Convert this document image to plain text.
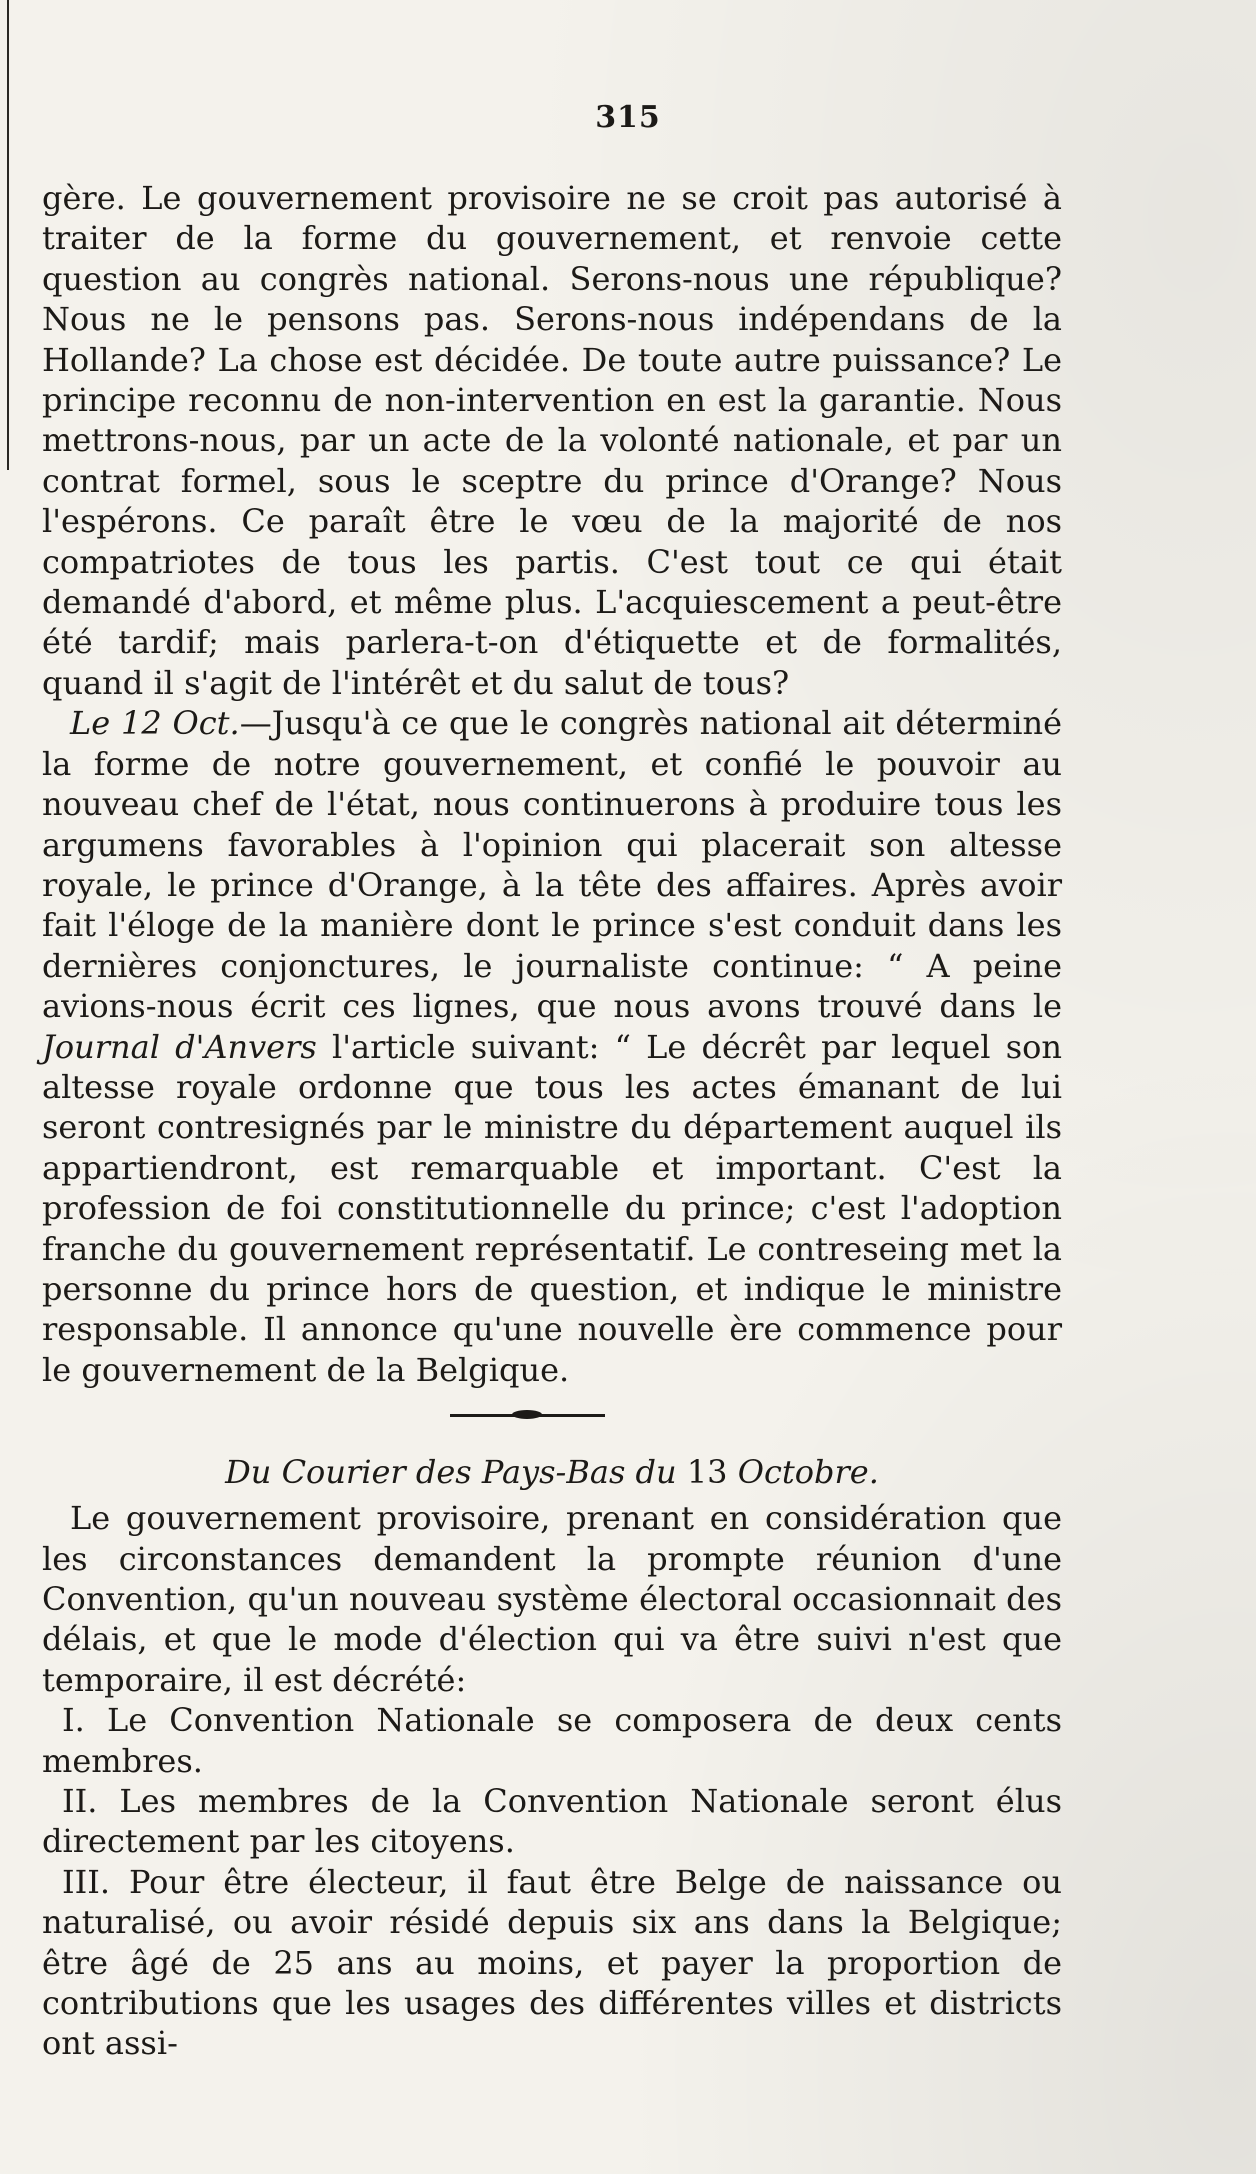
315

gère. Le gouvernement provisoire ne se croit pas autorisé à traiter de la forme du gouvernement, et renvoie cette question au congrès national. Serons-nous une république? Nous ne le pensons pas. Serons-nous indépendans de la Hollande? La chose est décidée. De toute autre puissance? Le principe reconnu de non-intervention en est la garantie. Nous mettrons-nous, par un acte de la volonté nationale, et par un contrat formel, sous le sceptre du prince d'Orange? Nous l'espérons. Ce paraît être le vœu de la majorité de nos compatriotes de tous les partis. C'est tout ce qui était demandé d'abord, et même plus. L'acquiescement a peut-être été tardif; mais parlera-t-on d'étiquette et de formalités, quand il s'agit de l'intérêt et du salut de tous?

Le 12 Oct.—Jusqu'à ce que le congrès national ait déterminé la forme de notre gouvernement, et confié le pouvoir au nouveau chef de l'état, nous continuerons à produire tous les argumens favorables à l'opinion qui placerait son altesse royale, le prince d'Orange, à la tête des affaires. Après avoir fait l'éloge de la manière dont le prince s'est conduit dans les dernières conjonctures, le journaliste continue: “ A peine avions-nous écrit ces lignes, que nous avons trouvé dans le Journal d'Anvers l'article suivant: “ Le décrêt par lequel son altesse royale ordonne que tous les actes émanant de lui seront contresignés par le ministre du département auquel ils appartiendront, est remarquable et important. C'est la profession de foi constitutionnelle du prince; c'est l'adoption franche du gouvernement représentatif. Le contreseing met la personne du prince hors de question, et indique le ministre responsable. Il annonce qu'une nouvelle ère commence pour le gouvernement de la Belgique.

Du Courier des Pays-Bas du 13 Octobre.

Le gouvernement provisoire, prenant en considération que les circonstances demandent la prompte réunion d'une Convention, qu'un nouveau système électoral occasionnait des délais, et que le mode d'élection qui va être suivi n'est que temporaire, il est décrété:

I. Le Convention Nationale se composera de deux cents membres.

II. Les membres de la Convention Nationale seront élus directement par les citoyens.

III. Pour être électeur, il faut être Belge de naissance ou naturalisé, ou avoir résidé depuis six ans dans la Belgique; être âgé de 25 ans au moins, et payer la proportion de contributions que les usages des différentes villes et districts ont assi-
